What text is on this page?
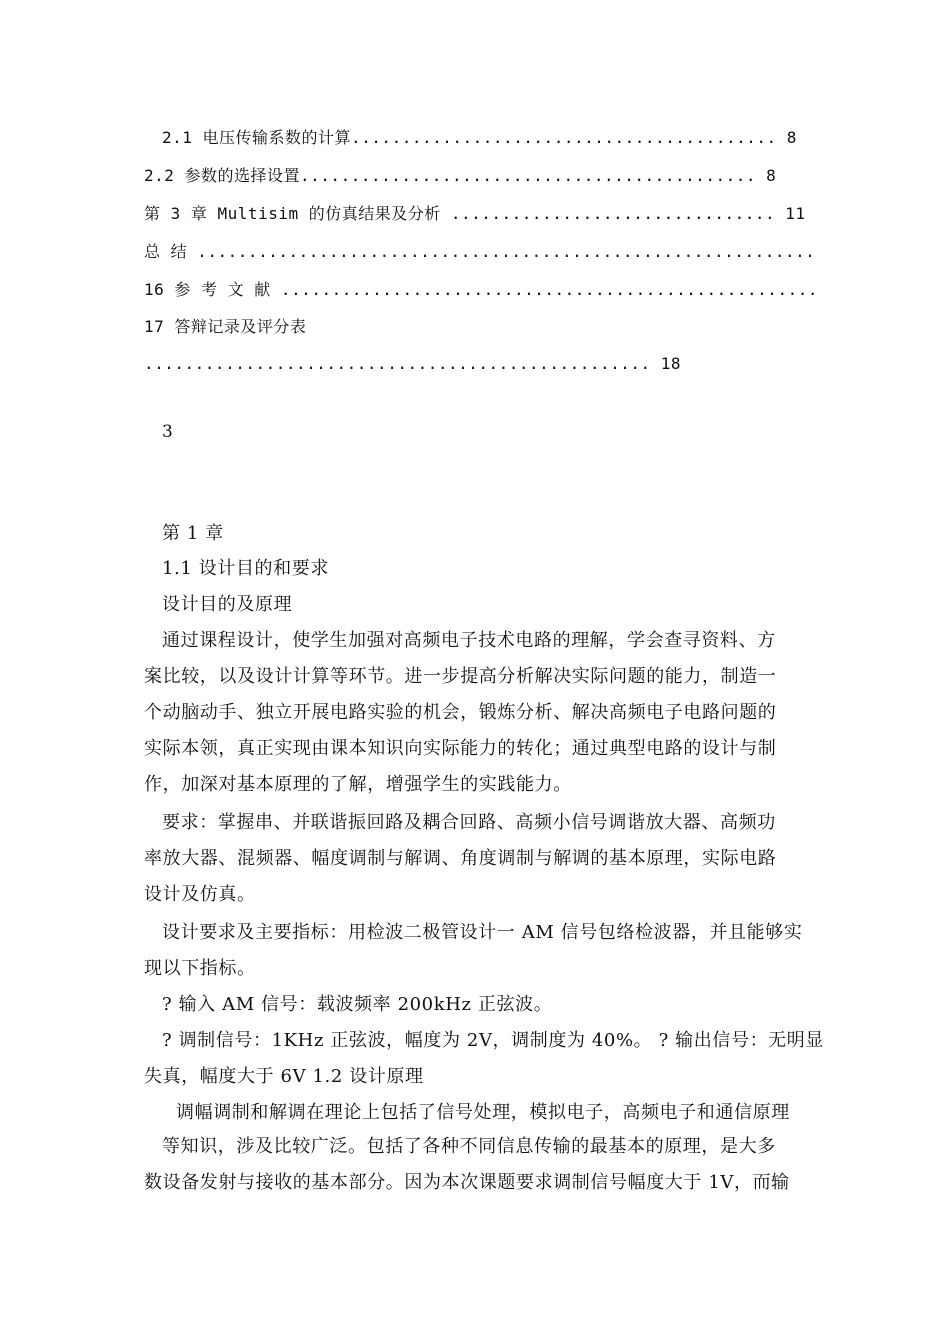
2.1 电压传输系数的计算.......................................... 8
2.2 参数的选择设置............................................. 8
第 3 章 Multisim 的仿真结果及分析 ................................ 11
总 结 .............................................................
16 参 考 文 献 .....................................................
17 答辩记录及评分表
.................................................. 18
3
第 1 章
1.1 设计目的和要求
设计目的及原理
通过课程设计，使学生加强对高频电子技术电路的理解，学会查寻资料、方
案比较，以及设计计算等环节。进一步提高分析解决实际问题的能力，制造一
个动脑动手、独立开展电路实验的机会，锻炼分析、解决高频电子电路问题的
实际本领，真正实现由课本知识向实际能力的转化；通过典型电路的设计与制
作，加深对基本原理的了解，增强学生的实践能力。
要求：掌握串、并联谐振回路及耦合回路、高频小信号调谐放大器、高频功
率放大器、混频器、幅度调制与解调、角度调制与解调的基本原理，实际电路
设计及仿真。
设计要求及主要指标：用检波二极管设计一 AM 信号包络检波器，并且能够实
现以下指标。
? 输入 AM 信号：载波频率 200kHz 正弦波。
? 调制信号：1KHz 正弦波，幅度为 2V，调制度为 40%。 ? 输出信号：无明显
失真，幅度大于 6V 1.2 设计原理
调幅调制和解调在理论上包括了信号处理，模拟电子，高频电子和通信原理
等知识，涉及比较广泛。包括了各种不同信息传输的最基本的原理，是大多
数设备发射与接收的基本部分。因为本次课题要求调制信号幅度大于 1V，而输
